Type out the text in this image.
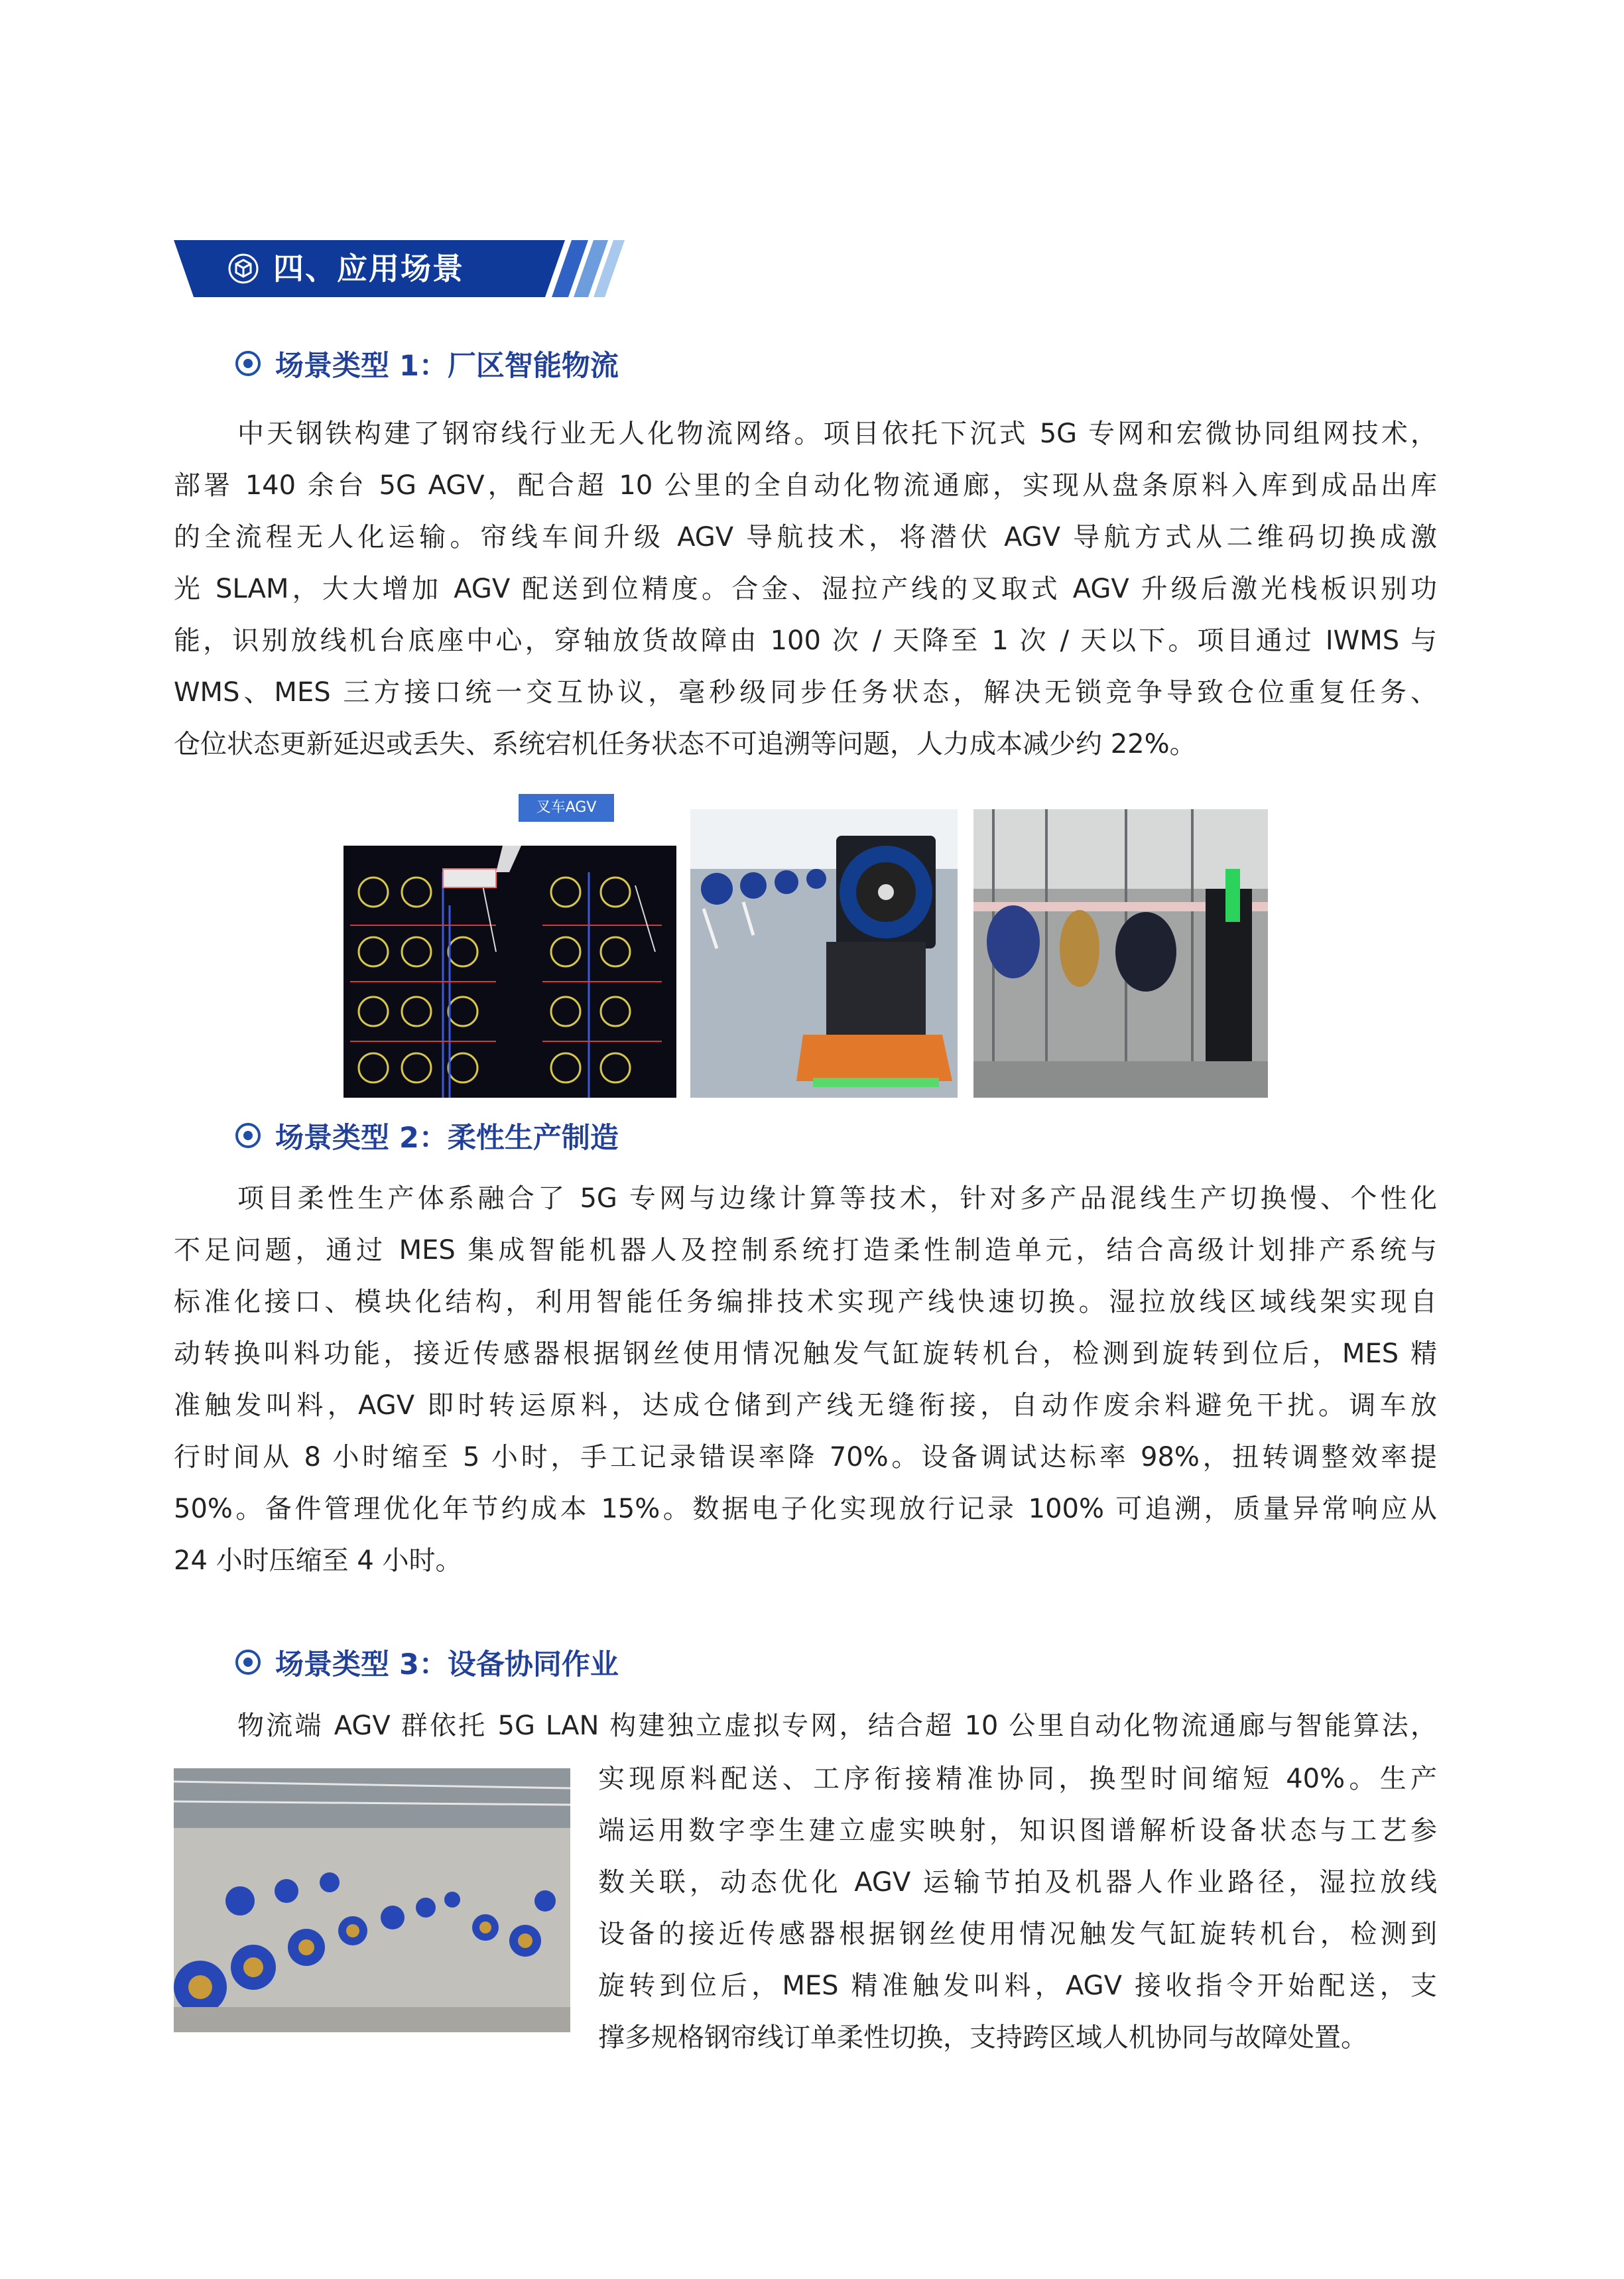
四、应用场景
场景类型 1：厂区智能物流
中天钢铁构建了钢帘线行业无人化物流网络。项目依托下沉式 5G 专网和宏微协同组网技术，
部署 140 余台 5G AGV，配合超 10 公里的全自动化物流通廊，实现从盘条原料入库到成品出库
的全流程无人化运输。帘线车间升级 AGV 导航技术，将潜伏 AGV 导航方式从二维码切换成激
光 SLAM，大大增加 AGV 配送到位精度。合金、湿拉产线的叉取式 AGV 升级后激光栈板识别功
能，识别放线机台底座中心，穿轴放货故障由 100 次 / 天降至 1 次 / 天以下。项目通过 IWMS 与
WMS、MES 三方接口统一交互协议，毫秒级同步任务状态，解决无锁竞争导致仓位重复任务、
仓位状态更新延迟或丢失、系统宕机任务状态不可追溯等问题，人力成本减少约 22%。
叉车AGV
场景类型 2：柔性生产制造
项目柔性生产体系融合了 5G 专网与边缘计算等技术，针对多产品混线生产切换慢、个性化
不足问题，通过 MES 集成智能机器人及控制系统打造柔性制造单元，结合高级计划排产系统与
标准化接口、模块化结构，利用智能任务编排技术实现产线快速切换。湿拉放线区域线架实现自
动转换叫料功能，接近传感器根据钢丝使用情况触发气缸旋转机台，检测到旋转到位后，MES 精
准触发叫料，AGV 即时转运原料，达成仓储到产线无缝衔接，自动作废余料避免干扰。调车放
行时间从 8 小时缩至 5 小时，手工记录错误率降 70%。设备调试达标率 98%，扭转调整效率提
50%。备件管理优化年节约成本 15%。数据电子化实现放行记录 100% 可追溯，质量异常响应从
24 小时压缩至 4 小时。
场景类型 3：设备协同作业
物流端 AGV 群依托 5G LAN 构建独立虚拟专网，结合超 10 公里自动化物流通廊与智能算法，
实现原料配送、工序衔接精准协同，换型时间缩短 40%。生产
端运用数字孪生建立虚实映射，知识图谱解析设备状态与工艺参
数关联，动态优化 AGV 运输节拍及机器人作业路径，湿拉放线
设备的接近传感器根据钢丝使用情况触发气缸旋转机台，检测到
旋转到位后，MES 精准触发叫料，AGV 接收指令开始配送，支
撑多规格钢帘线订单柔性切换，支持跨区域人机协同与故障处置。
